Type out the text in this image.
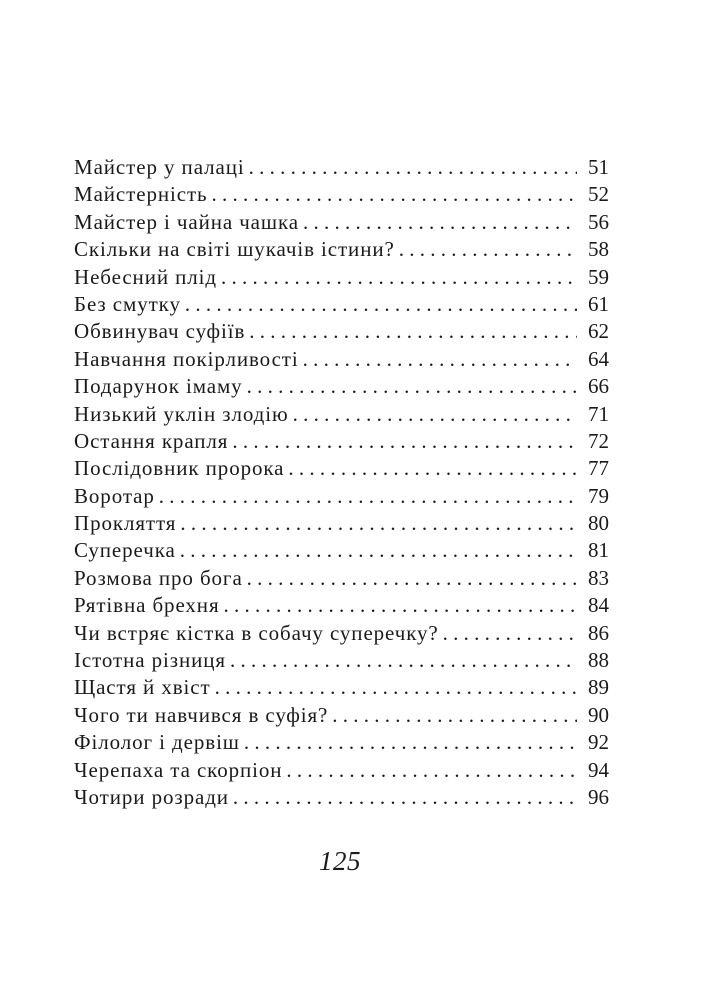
Майстер у палаці . . .	51
Майстерність . . .	52
Майстер і чайна чашка . . .	56
Скільки на світі шукачів істини? . . .	58
Небесний плід . . .	59
Без смутку . . .	61
Обвинувач суфіїв . . .	62
Навчання покірливості . . .	64
Подарунок імаму . . .	66
Низький уклін злодію . . .	71
Остання крапля . . .	72
Послідовник пророка . . .	77
Воротар . . .	79
Прокляття . . .	80
Суперечка . . .	81
Розмова про бога . . .	83
Рятівна брехня . . .	84
Чи встряє кістка в собачу суперечку? . . .	86
Істотна різниця . . .	88
Щастя й хвіст . . .	89
Чого ти навчився в суфія? . . .	90
Філолог і дервіш . . .	92
Черепаха та скорпіон . . .	94
Чотири розради . . .	96
125
